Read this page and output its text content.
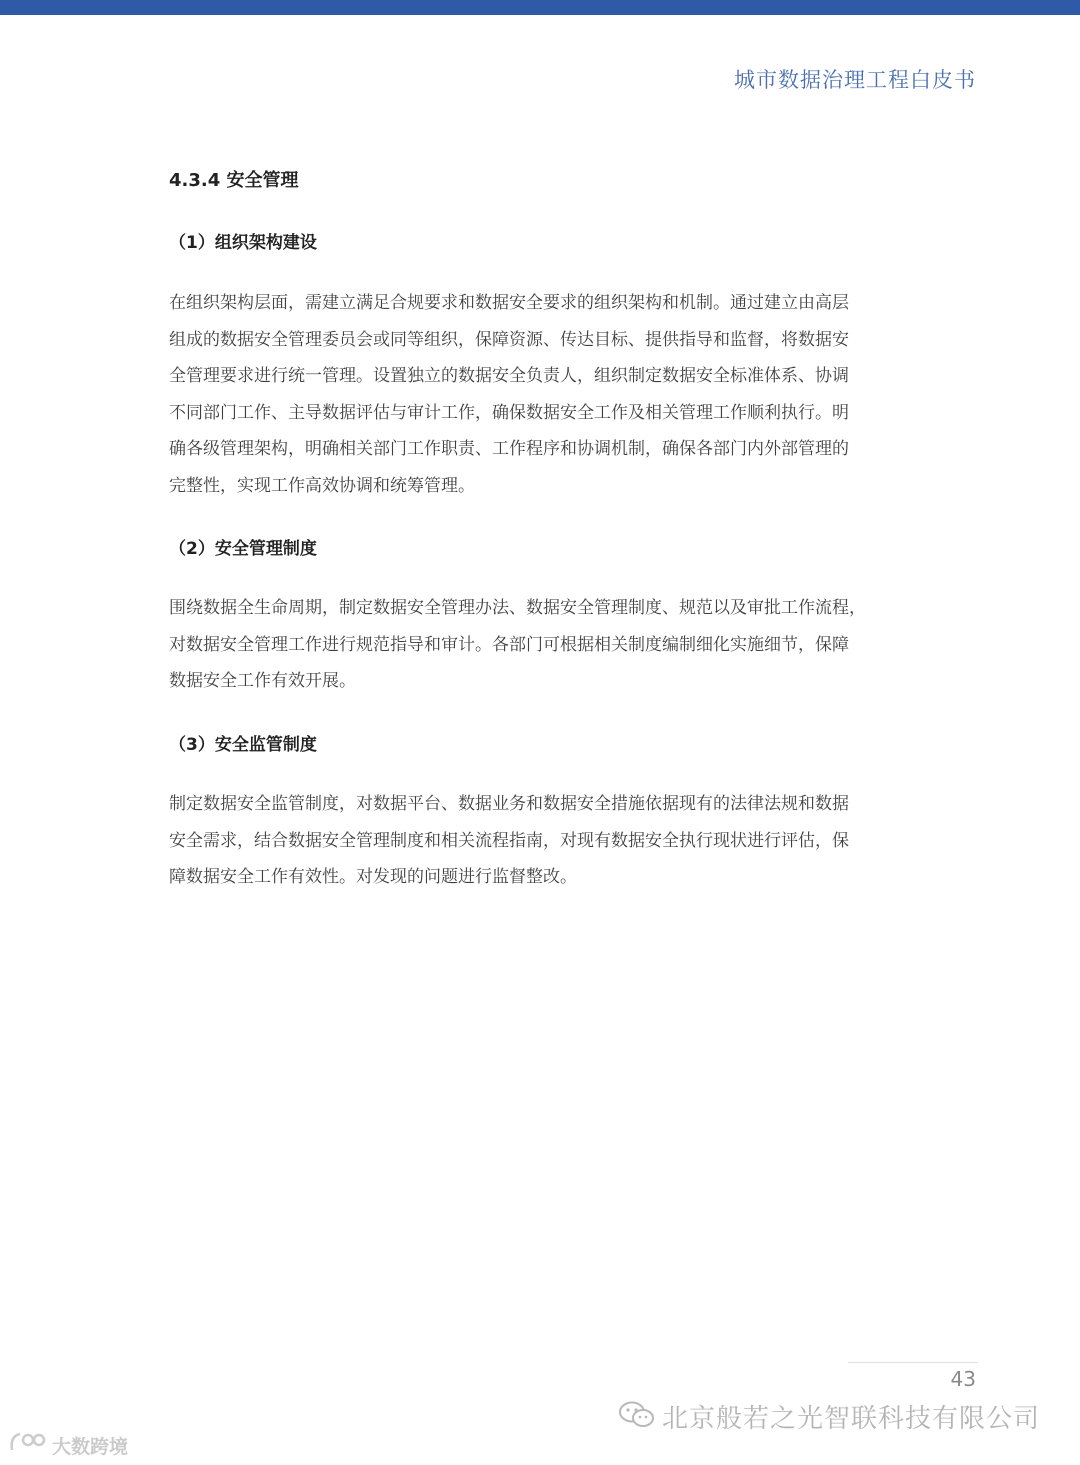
城市数据治理工程白皮书
4.3.4 安全管理
（1）组织架构建设
在组织架构层面，需建立满足合规要求和数据安全要求的组织架构和机制。通过建立由高层
组成的数据安全管理委员会或同等组织，保障资源、传达目标、提供指导和监督，将数据安
全管理要求进行统一管理。设置独立的数据安全负责人，组织制定数据安全标准体系、协调
不同部门工作、主导数据评估与审计工作，确保数据安全工作及相关管理工作顺利执行。明
确各级管理架构，明确相关部门工作职责、工作程序和协调机制，确保各部门内外部管理的
完整性，实现工作高效协调和统筹管理。
（2）安全管理制度
围绕数据全生命周期，制定数据安全管理办法、数据安全管理制度、规范以及审批工作流程，
对数据安全管理工作进行规范指导和审计。各部门可根据相关制度编制细化实施细节，保障
数据安全工作有效开展。
（3）安全监管制度
制定数据安全监管制度，对数据平台、数据业务和数据安全措施依据现有的法律法规和数据
安全需求，结合数据安全管理制度和相关流程指南，对现有数据安全执行现状进行评估，保
障数据安全工作有效性。对发现的问题进行监督整改。
43
北京般若之光智联科技有限公司
大数跨境
